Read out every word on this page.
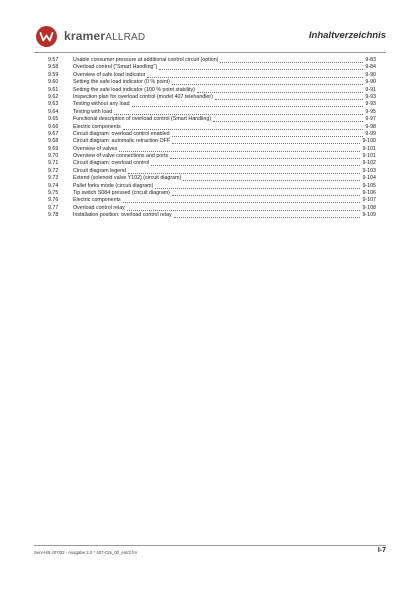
kramerALLRAD	Inhaltverzeichnis
9.57	Usable consumer pressure at additional control circuit (option)	9-83
9.58	Overload control ("Smart Handling")	9-84
9.59	Overview of safe load indicator	9-90
9.60	Setting the safe load indicator (0 % point)	9-90
9.61	Setting the safe load indicator (100 % point stability)	9-91
9.62	Inspection plan for overload control (model 407 telehandler)	9-93
9.63	Testing without any load	9-93
9.64	Testing with load	9-95
9.65	Functional description of overload control (Smart Handling)	9-97
9.66	Electric components	9-98
9.67	Circuit diagram: overload control enabled	9-99
9.68	Circuit diagram: automatic retraction OFF	9-100
9.69	Overview of valves	9-101
9.70	Overview of valve connections and ports	9-101
9.71	Circuit diagram: overload control	9-102
9.72	Circuit diagram legend	9-103
9.73	Extend (solenoid valve Y102) (circuit diagram)	9-104
9.74	Pallet forks mode (circuit diagram)	9-105
9.75	Tip switch S084 pressed (circuit diagram)	9-106
9.76	Electric components	9-107
9.77	Overload control relay	9-108
9.78	Installation position: overload control relay	9-109
Serv-HB 407/02 - Ausgabe 2.0 * 407-02s_00_ent/2.fm	I-7
